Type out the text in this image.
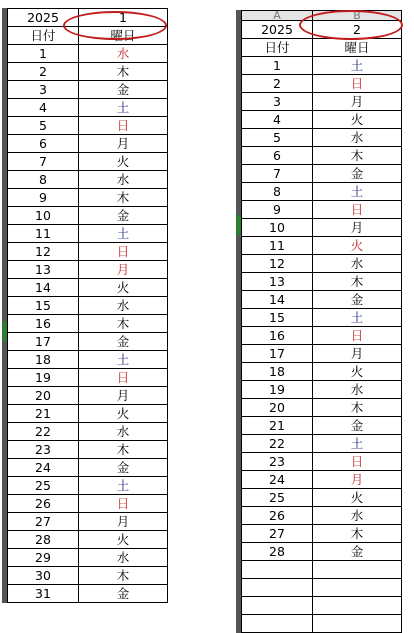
2025	1
日付	曜日
1	水
2	木
3	金
4	土
5	日
6	月
7	火
8	水
9	木
10	金
11	土
12	日
13	月
14	火
15	水
16	木
17	金
18	土
19	日
20	月
21	火
22	水
23	木
24	金
25	土
26	日
27	月
28	火
29	水
30	木
31	金
A	B
2025	2
日付	曜日
1	土
2	日
3	月
4	火
5	水
6	木
7	金
8	土
9	日
10	月
11	火
12	水
13	木
14	金
15	土
16	日
17	月
18	火
19	水
20	木
21	金
22	土
23	日
24	月
25	火
26	水
27	木
28	金
